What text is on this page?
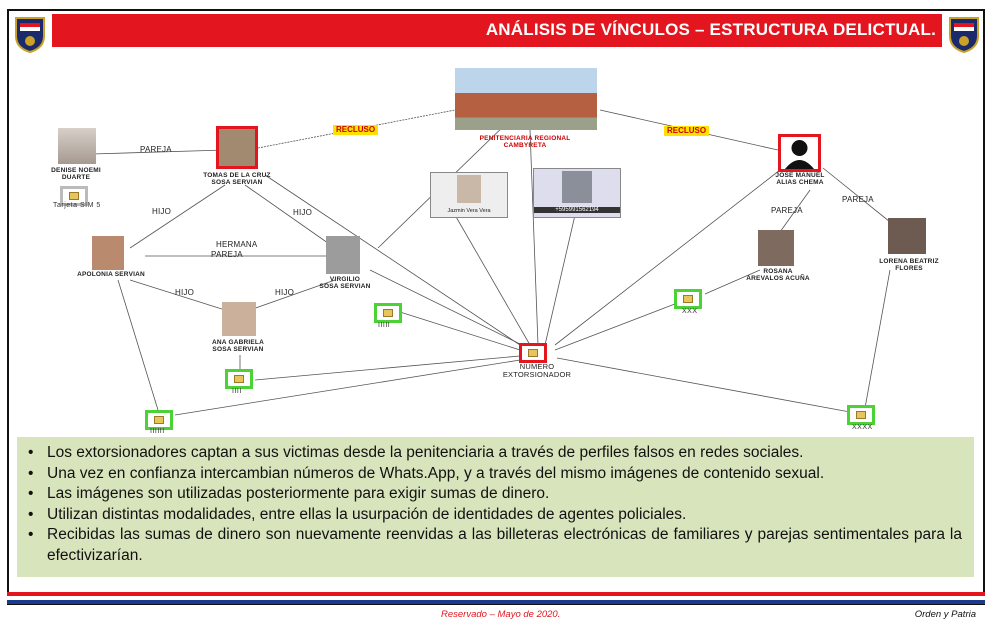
ANÁLISIS DE VÍNCULOS – ESTRUCTURA DELICTUAL.
DENISE NOEMI
DUARTE	TOMAS DE LA CRUZ
SOSA SERVIAN
PENITENCIARIA REGIONAL
CAMBYRETA
JOSE MANUEL
ALIAS CHEMA
Jazmin Vera Vera	+595991562194
APOLONIA SERVIAN
VIRGILIO
SOSA SERVIAN
ANA GABRIELA
SOSA SERVIAN
ROSANA
AREVALOS ACUÑA
LORENA BEATRIZ
FLORES
PAREJA
RECLUSO	RECLUSO
HIJO	HIJO
HERMANA
PAREJA
HIJO	HIJO
PAREJA
PAREJA
Tarjeta SIM 5
IIIII
XXX
NUMERO
EXTORSIONADOR
IIII
IIIIII
XXXX
• Los extorsionadores captan a sus victimas desde la penitenciaria a través de perfiles falsos en redes sociales.
• Una vez en confianza intercambian números de Whats.App, y a través del mismo imágenes de contenido sexual.
• Las imágenes son utilizadas posteriormente para exigir sumas de dinero.
• Utilizan distintas modalidades, entre ellas la usurpación de identidades de agentes policiales.
• Recibidas las sumas de dinero son nuevamente reenvidas a las billeteras electrónicas de familiares y parejas sentimentales para la efectivizarían.
Reservado – Mayo de 2020.	Orden y Patria
